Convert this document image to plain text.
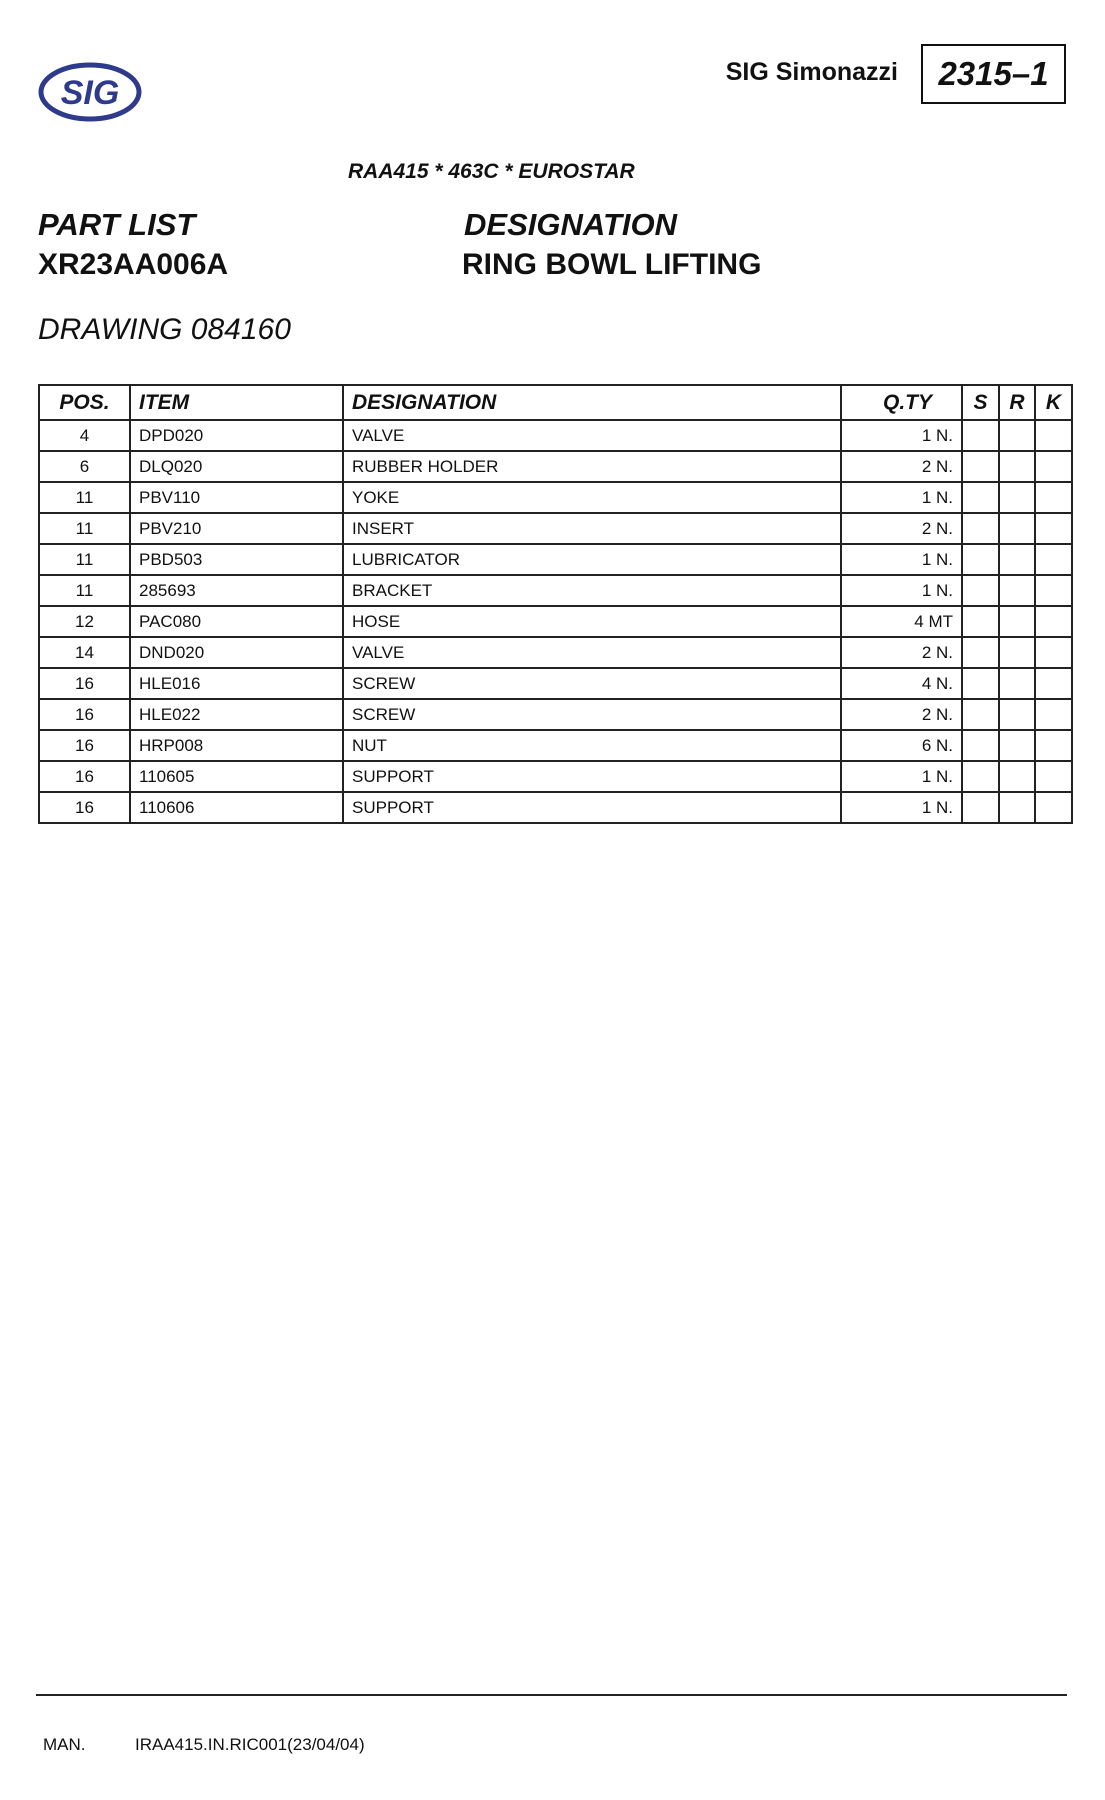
SIG
SIG Simonazzi	2315–1
RAA415 * 463C * EUROSTAR
PART LIST	DESIGNATION
XR23AA006A	RING BOWL LIFTING
DRAWING 084160
POS.	ITEM	DESIGNATION	Q.TY	S	R	K
4	DPD020	VALVE	1 N.			
6	DLQ020	RUBBER HOLDER	2 N.			
11	PBV110	YOKE	1 N.			
11	PBV210	INSERT	2 N.			
11	PBD503	LUBRICATOR	1 N.			
11	285693	BRACKET	1 N.			
12	PAC080	HOSE	4 MT			
14	DND020	VALVE	2 N.			
16	HLE016	SCREW	4 N.			
16	HLE022	SCREW	2 N.			
16	HRP008	NUT	6 N.			
16	110605	SUPPORT	1 N.			
16	110606	SUPPORT	1 N.			
MAN.	IRAA415.IN.RIC001(23/04/04)
